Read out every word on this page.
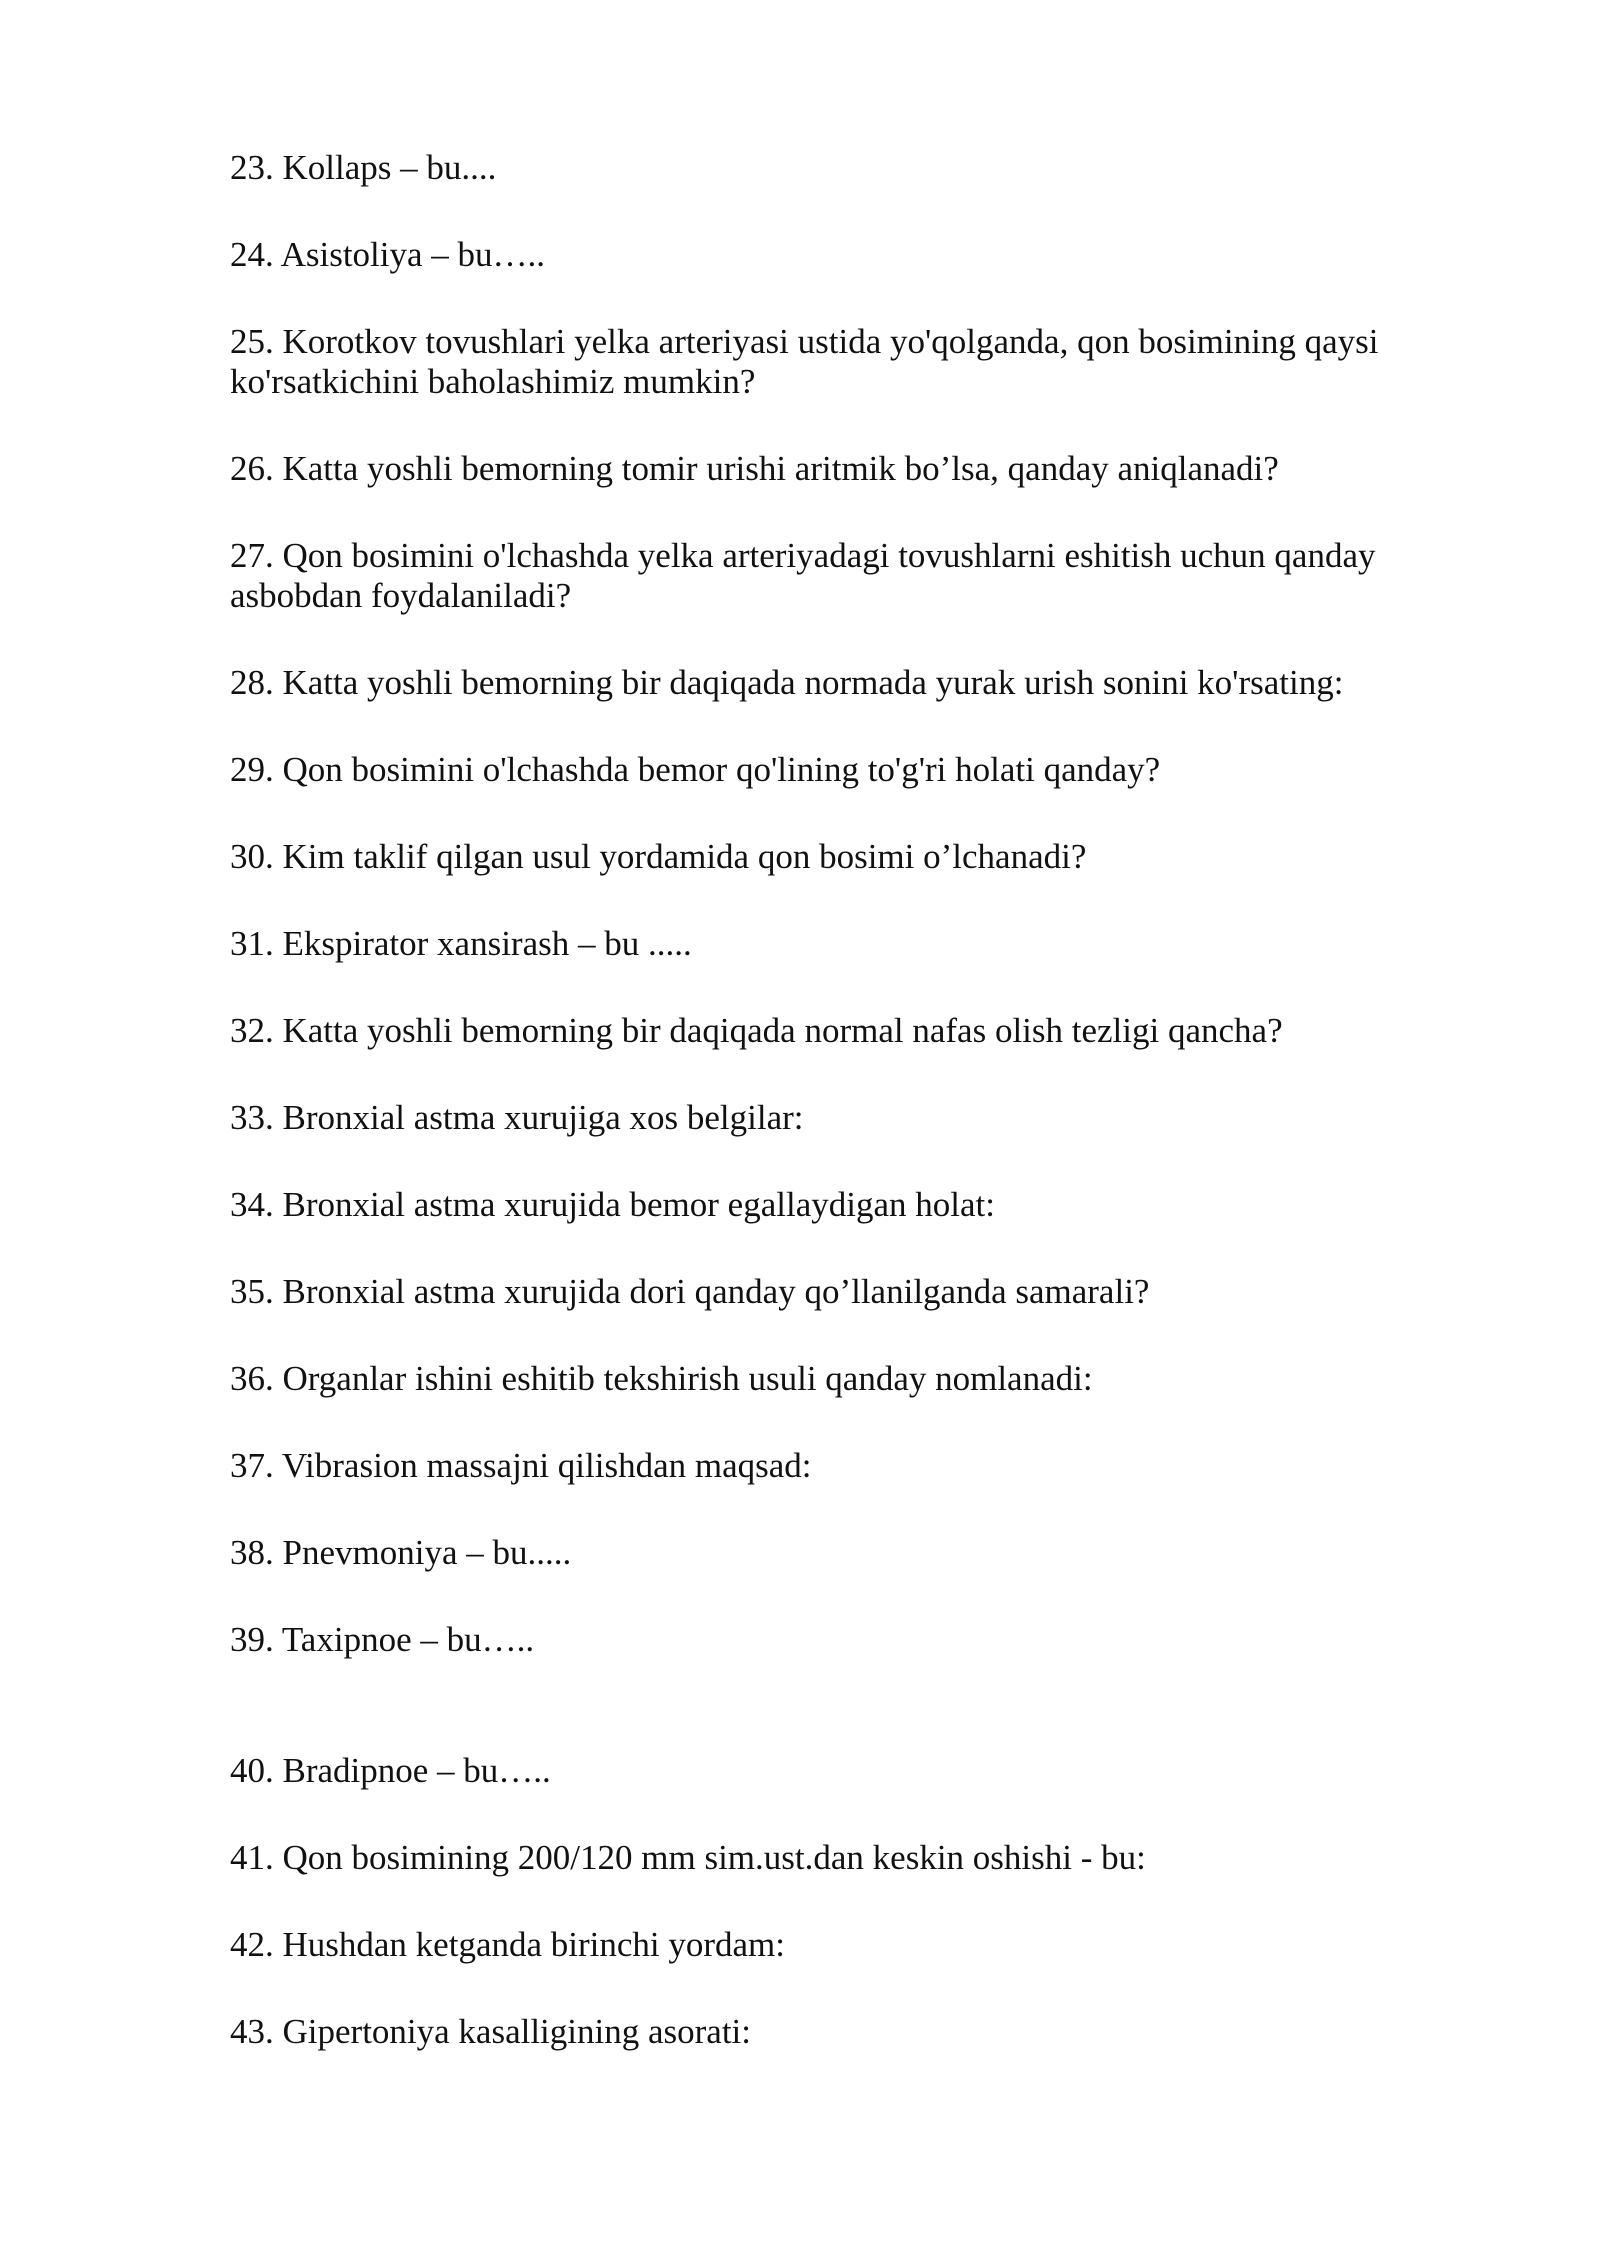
23. Kollaps – bu....
24. Asistoliya – bu…..
25. Korotkov tovushlari yelka arteriyasi ustida yo'qolganda, qon bosimining qaysi ko'rsatkichini baholashimiz mumkin?
26. Katta yoshli bemorning tomir urishi aritmik bo’lsa, qanday aniqlanadi?
27. Qon bosimini o'lchashda yelka arteriyadagi tovushlarni eshitish uchun qanday asbobdan foydalaniladi?
28. Katta yoshli bemorning bir daqiqada normada yurak urish sonini ko'rsating:
29. Qon bosimini o'lchashda bemor qo'lining to'g'ri holati qanday?
30. Kim taklif qilgan usul yordamida qon bosimi o’lchanadi?
31. Ekspirator xansirash – bu .....
32. Katta yoshli bemorning bir daqiqada normal nafas olish tezligi qancha?
33. Bronxial astma xurujiga xos belgilar:
34. Bronxial astma xurujida bemor egallaydigan holat:
35. Bronxial astma xurujida dori qanday qo’llanilganda samarali?
36. Organlar ishini eshitib tekshirish usuli qanday nomlanadi:
37. Vibrasion massajni qilishdan maqsad:
38. Pnevmoniya – bu.....
39. Taxipnoe – bu…..
40. Bradipnoe – bu…..
41. Qon bosimining 200/120 mm sim.ust.dan keskin oshishi - bu:
42. Hushdan ketganda birinchi yordam:
43. Gipertoniya kasalligining asorati:
